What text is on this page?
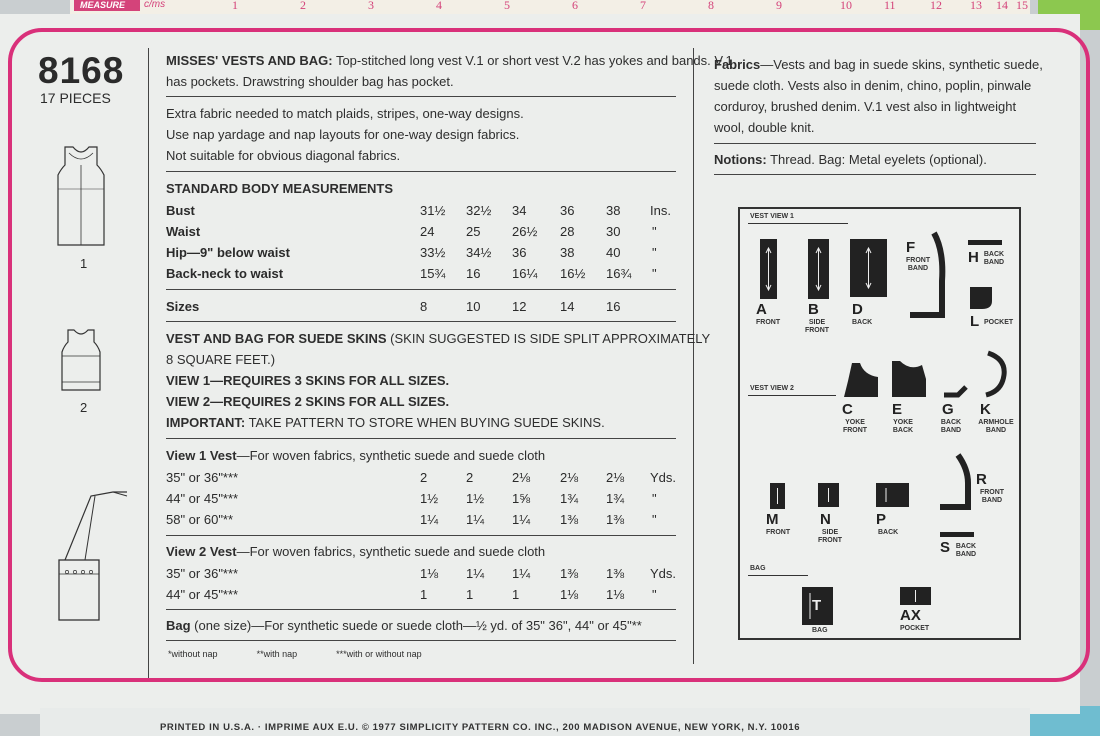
MEASURE	c/ms	1	2	3	4	5	6	7	8	9	10	11	12 13 14 15
8168
17 PIECES
1
2
MISSES' VESTS AND BAG: Top-stitched long vest V.1 or short vest V.2 has yokes and bands. V.1
has pockets. Drawstring shoulder bag has pocket.
Extra fabric needed to match plaids, stripes, one-way designs.
Use nap yardage and nap layouts for one-way design fabrics.
Not suitable for obvious diagonal fabrics.
STANDARD BODY MEASUREMENTS
Bust	31½	32½	34	36	38	Ins.
Waist	24	25	26½	28	30	"
Hip—9" below waist	33½	34½	36	38	40	"
Back-neck to waist	15¾	16	16¼	16½	16¾	"
Sizes	8	10	12	14	16
VEST AND BAG FOR SUEDE SKINS (SKIN SUGGESTED IS SIDE SPLIT APPROXIMATELY
8 SQUARE FEET.)
VIEW 1—REQUIRES 3 SKINS FOR ALL SIZES.
VIEW 2—REQUIRES 2 SKINS FOR ALL SIZES.
IMPORTANT: TAKE PATTERN TO STORE WHEN BUYING SUEDE SKINS.
View 1 Vest—For woven fabrics, synthetic suede and suede cloth
35" or 36"***	2	2	2⅛	2⅛	2⅛	Yds.
44" or 45"***	1½	1½	1⅝	1¾	1¾	"
58" or 60"**	1¼	1¼	1¼	1⅜	1⅜	"
View 2 Vest—For woven fabrics, synthetic suede and suede cloth
35" or 36"***	1⅛	1¼	1¼	1⅜	1⅜	Yds.
44" or 45"***	1	1	1	1⅛	1⅛	"
Bag (one size)—For synthetic suede or suede cloth—½ yd. of 35" 36", 44" or 45"**
*without nap	**with nap	***with or without nap
Fabrics—Vests and bag in suede skins, synthetic suede, suede cloth. Vests also in denim, chino, poplin, pinwale corduroy, brushed denim. V.1 vest also in lightweight wool, double knit.
Notions: Thread. Bag: Metal eyelets (optional).
VEST VIEW 1
A
FRONT
B
SIDE FRONT
D
BACK
F
FRONT BAND
H BACK BAND
L POCKET
VEST VIEW 2
C
YOKE FRONT
E
YOKE BACK
G
BACK BAND
K
ARMHOLE BAND
M
FRONT
N
SIDE FRONT
P
BACK
R
FRONT BAND
S BACK BAND
BAG
T
BAG
AX
POCKET
PRINTED IN U.S.A. · IMPRIME AUX E.U. © 1977 SIMPLICITY PATTERN CO. INC., 200 MADISON AVENUE, NEW YORK, N.Y. 10016
